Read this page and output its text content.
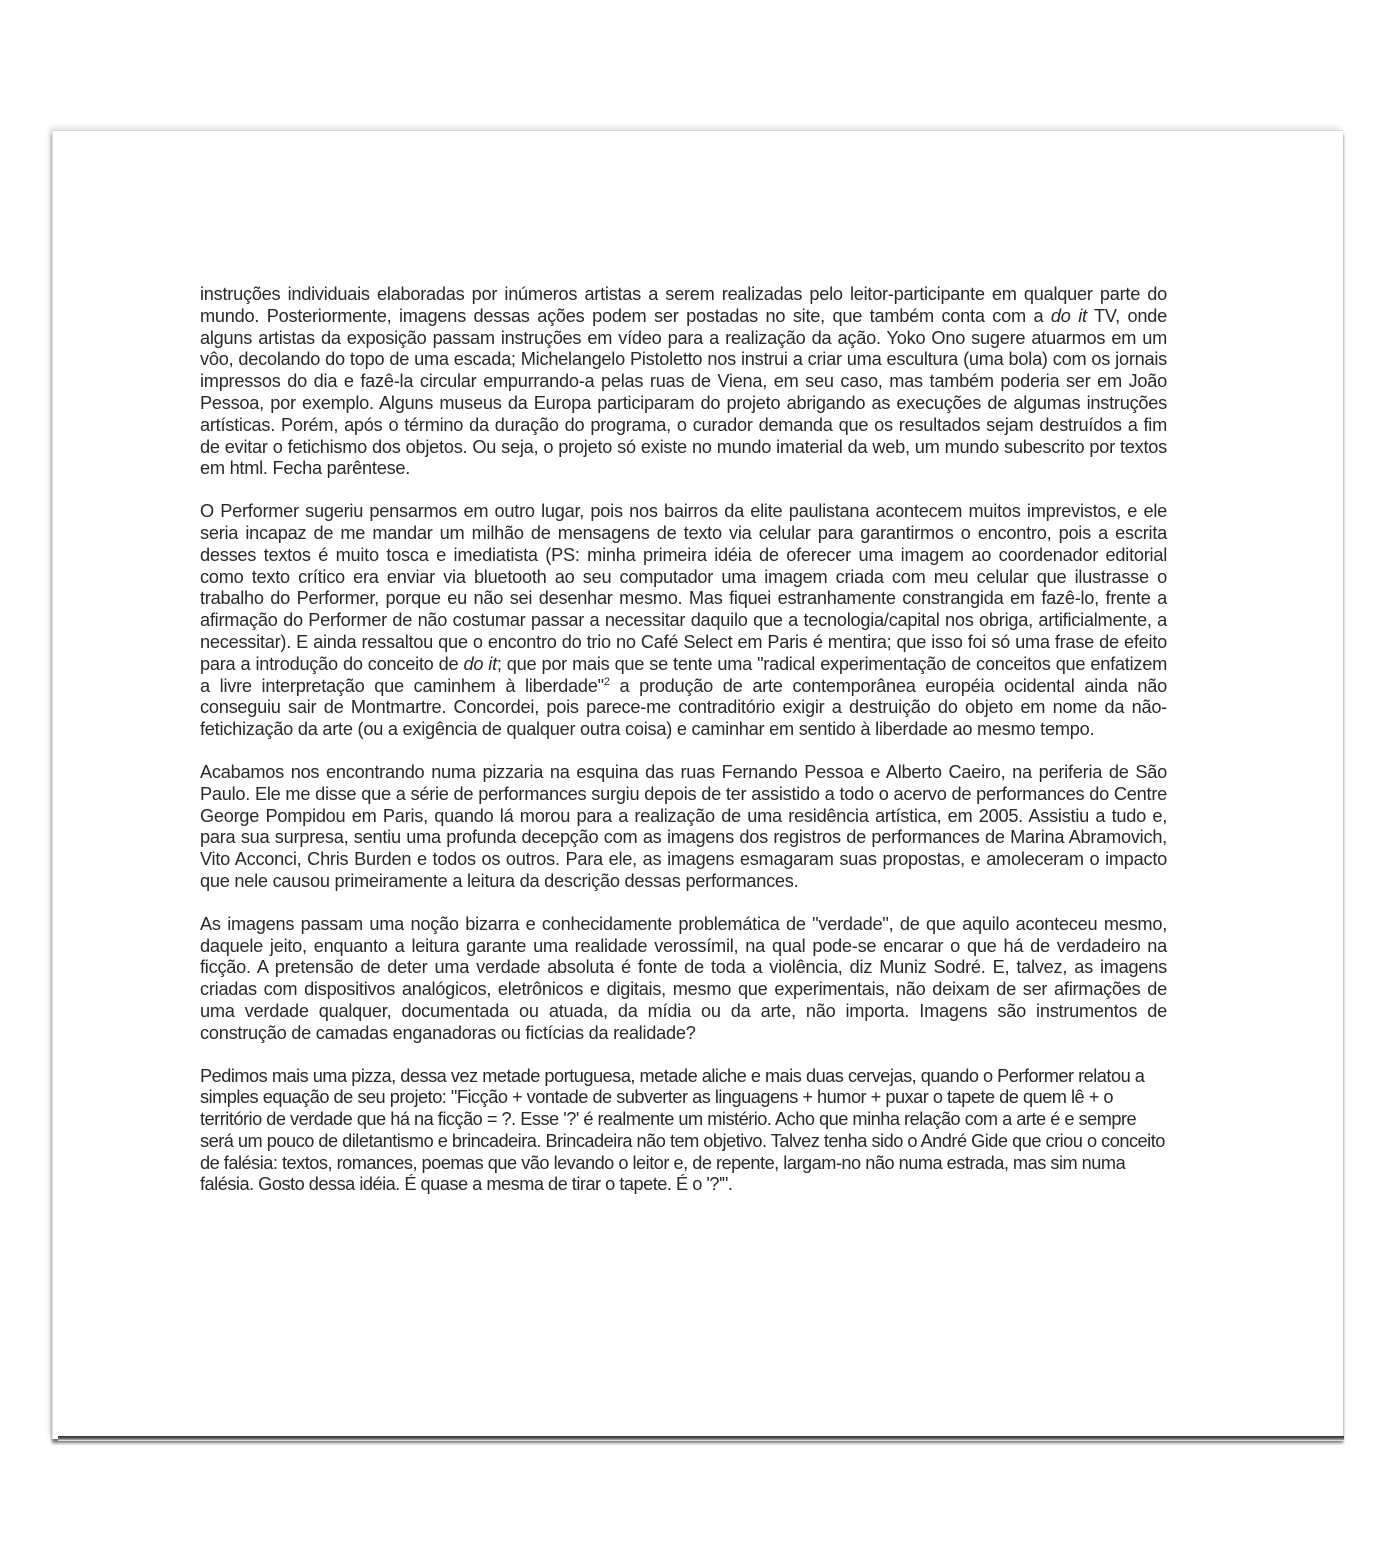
instruções individuais elaboradas por inúmeros artistas a serem realizadas pelo leitor-participante em qualquer parte do mundo. Posteriormente, imagens dessas ações podem ser postadas no site, que também conta com a do it TV, onde alguns artistas da exposição passam instruções em vídeo para a realização da ação. Yoko Ono sugere atuarmos em um vôo, decolando do topo de uma escada; Michelangelo Pistoletto nos instrui a criar uma escultura (uma bola) com os jornais impressos do dia e fazê-la circular empurrando-a pelas ruas de Viena, em seu caso, mas também poderia ser em João Pessoa, por exemplo. Alguns museus da Europa participaram do projeto abrigando as execuções de algumas instruções artísticas. Porém, após o término da duração do programa, o curador demanda que os resultados sejam destruídos a fim de evitar o fetichismo dos objetos. Ou seja, o projeto só existe no mundo imaterial da web, um mundo subescrito por textos em html. Fecha parêntese.

O Performer sugeriu pensarmos em outro lugar, pois nos bairros da elite paulistana acontecem muitos imprevistos, e ele seria incapaz de me mandar um milhão de mensagens de texto via celular para garantirmos o encontro, pois a escrita desses textos é muito tosca e imediatista (PS: minha primeira idéia de oferecer uma imagem ao coordenador editorial como texto crítico era enviar via bluetooth ao seu computador uma imagem criada com meu celular que ilustrasse o trabalho do Performer, porque eu não sei desenhar mesmo. Mas fiquei estranhamente constrangida em fazê-lo, frente a afirmação do Performer de não costumar passar a necessitar daquilo que a tecnologia/capital nos obriga, artificialmente, a necessitar). E ainda ressaltou que o encontro do trio no Café Select em Paris é mentira; que isso foi só uma frase de efeito para a introdução do conceito de do it; que por mais que se tente uma "radical experimentação de conceitos que enfatizem a livre interpretação que caminhem à liberdade"$^2$ a produção de arte contemporânea européia ocidental ainda não conseguiu sair de Montmartre. Concordei, pois parece-me contraditório exigir a destruição do objeto em nome da não-fetichização da arte (ou a exigência de qualquer outra coisa) e caminhar em sentido à liberdade ao mesmo tempo.

Acabamos nos encontrando numa pizzaria na esquina das ruas Fernando Pessoa e Alberto Caeiro, na periferia de São Paulo. Ele me disse que a série de performances surgiu depois de ter assistido a todo o acervo de performances do Centre George Pompidou em Paris, quando lá morou para a realização de uma residência artística, em 2005. Assistiu a tudo e, para sua surpresa, sentiu uma profunda decepção com as imagens dos registros de performances de Marina Abramovich, Vito Acconci, Chris Burden e todos os outros. Para ele, as imagens esmagaram suas propostas, e amoleceram o impacto que nele causou primeiramente a leitura da descrição dessas performances.

As imagens passam uma noção bizarra e conhecidamente problemática de "verdade", de que aquilo aconteceu mesmo, daquele jeito, enquanto a leitura garante uma realidade verossímil, na qual pode-se encarar o que há de verdadeiro na ficção. A pretensão de deter uma verdade absoluta é fonte de toda a violência, diz Muniz Sodré. E, talvez, as imagens criadas com dispositivos analógicos, eletrônicos e digitais, mesmo que experimentais, não deixam de ser afirmações de uma verdade qualquer, documentada ou atuada, da mídia ou da arte, não importa. Imagens são instrumentos de construção de camadas enganadoras ou fictícias da realidade?

Pedimos mais uma pizza, dessa vez metade portuguesa, metade aliche e mais duas cervejas, quando o Performer relatou a simples equação de seu projeto: "Ficção + vontade de subverter as linguagens + humor + puxar o tapete de quem lê + o território de verdade que há na ficção = ?. Esse '?' é realmente um mistério. Acho que minha relação com a arte é e sempre será um pouco de diletantismo e brincadeira. Brincadeira não tem objetivo. Talvez tenha sido o André Gide que criou o conceito de falésia: textos, romances, poemas que vão levando o leitor e, de repente, largam-no não numa estrada, mas sim numa falésia. Gosto dessa idéia. É quase a mesma de tirar o tapete. É o '?'".
